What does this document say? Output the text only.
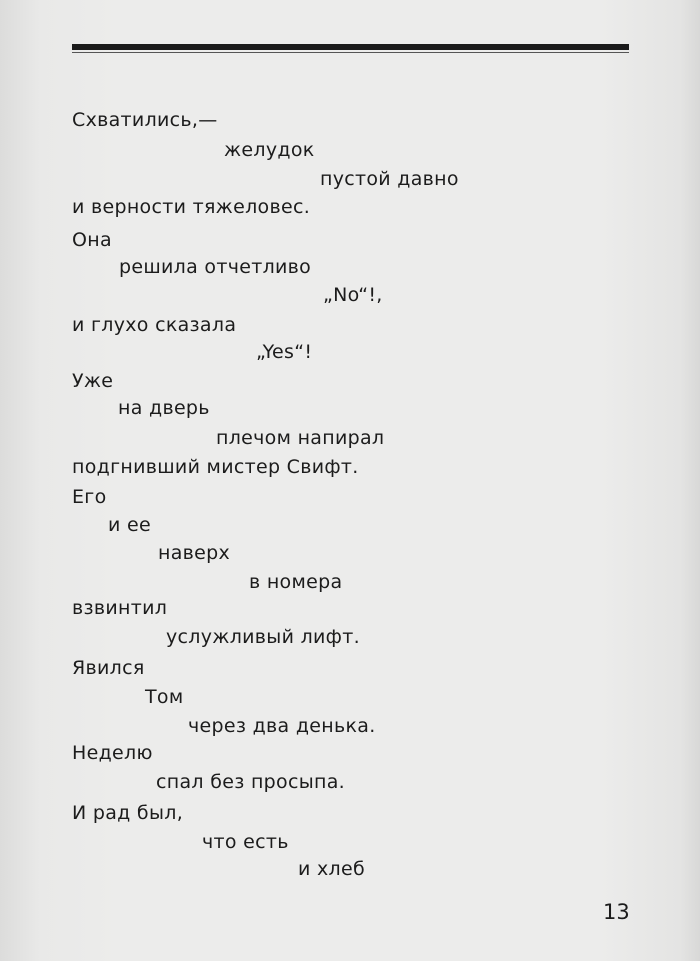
Схватились,—
желудок
пустой давно
и верности тяжеловес.
Она
решила отчетливо
„No“!,
и глухо сказала
„Yes“!
Уже
на дверь
плечом напирал
подгнивший мистер Свифт.
Его
и ее
наверх
в номера
взвинтил
услужливый лифт.
Явился
Том
через два денька.
Неделю
спал без просыпа.
И рад был,
что есть
и хлеб
13
